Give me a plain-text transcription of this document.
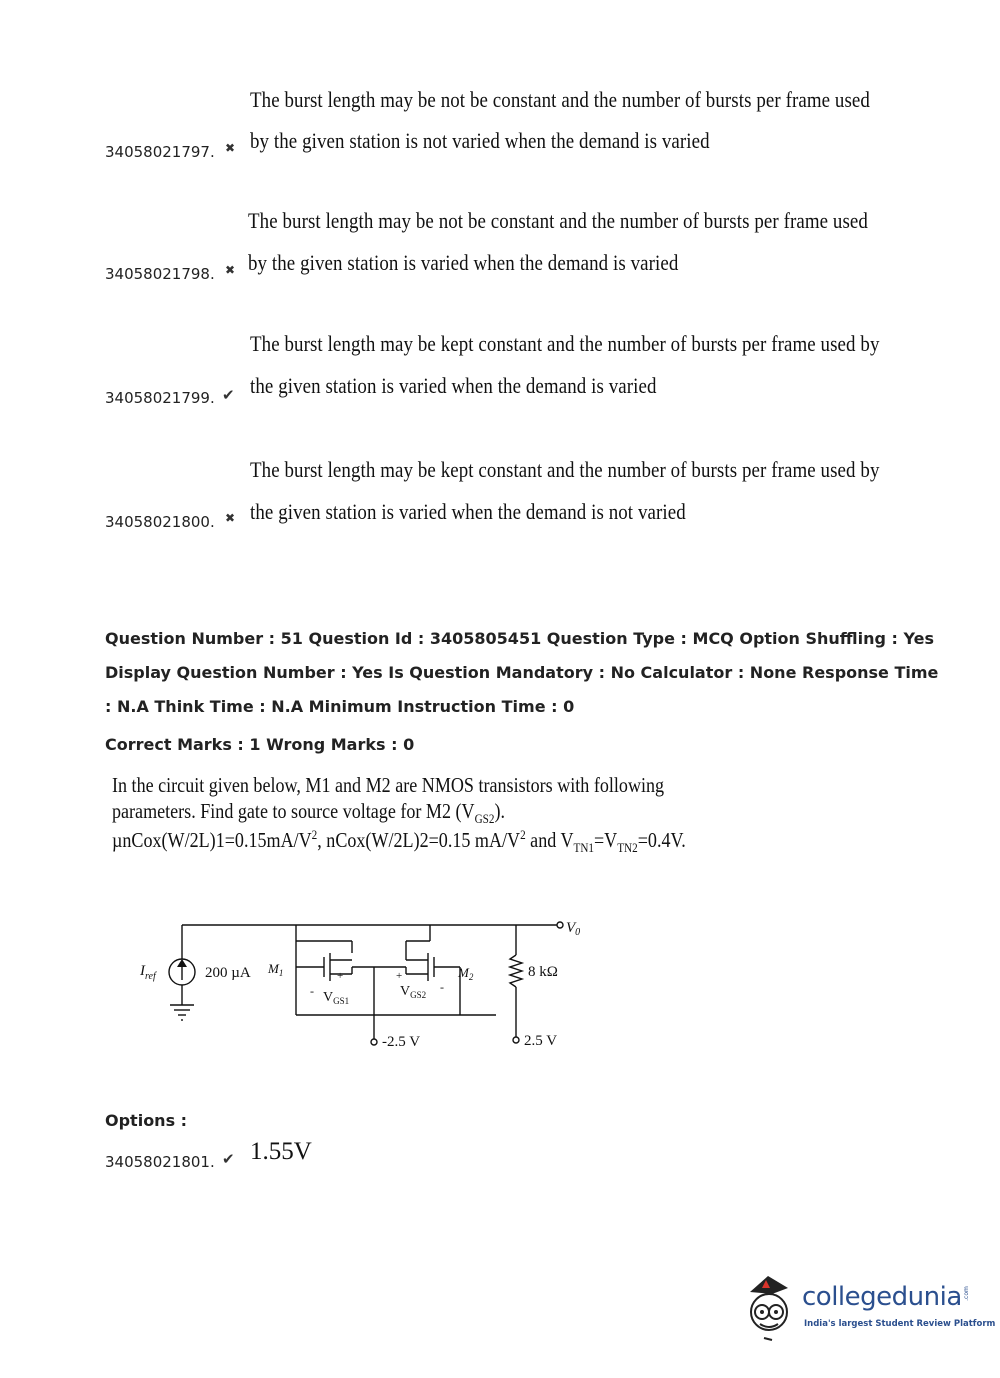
The burst length may be not be constant and the number of bursts per frame used
by the given station is not varied when the demand is varied
34058021797. ✖
The burst length may be not be constant and the number of bursts per frame used
by the given station is varied when the demand is varied
34058021798. ✖
The burst length may be kept constant and the number of bursts per frame used by
the given station is varied when the demand is varied
34058021799. ✔
The burst length may be kept constant and the number of bursts per frame used by
the given station is varied when the demand is not varied
34058021800. ✖
Question Number : 51 Question Id : 3405805451 Question Type : MCQ Option Shuffling : Yes
Display Question Number : Yes Is Question Mandatory : No Calculator : None Response Time
: N.A Think Time : N.A Minimum Instruction Time : 0
Correct Marks : 1 Wrong Marks : 0
In the circuit given below, M1 and M2 are NMOS transistors with following
parameters. Find gate to source voltage for M2 $(V_{GS2})$.
$\mu nCox(W/2L)1=0.15mA/V^2$, nCox(W/2L)2=0.15 $mA/V^2$ and $V_{TN1}=V_{TN2}=0.4V$.
$I_{ref}$	200 µA $M_1$	$M_2$
+
- $V_{GS1}$
+
-
$V_{GS2}$
8 kΩ
$V_0$
-2.5 V	2.5 V
Options :
34058021801. ✔ 1.55V
collegedunia .com
India's largest Student Review Platform
